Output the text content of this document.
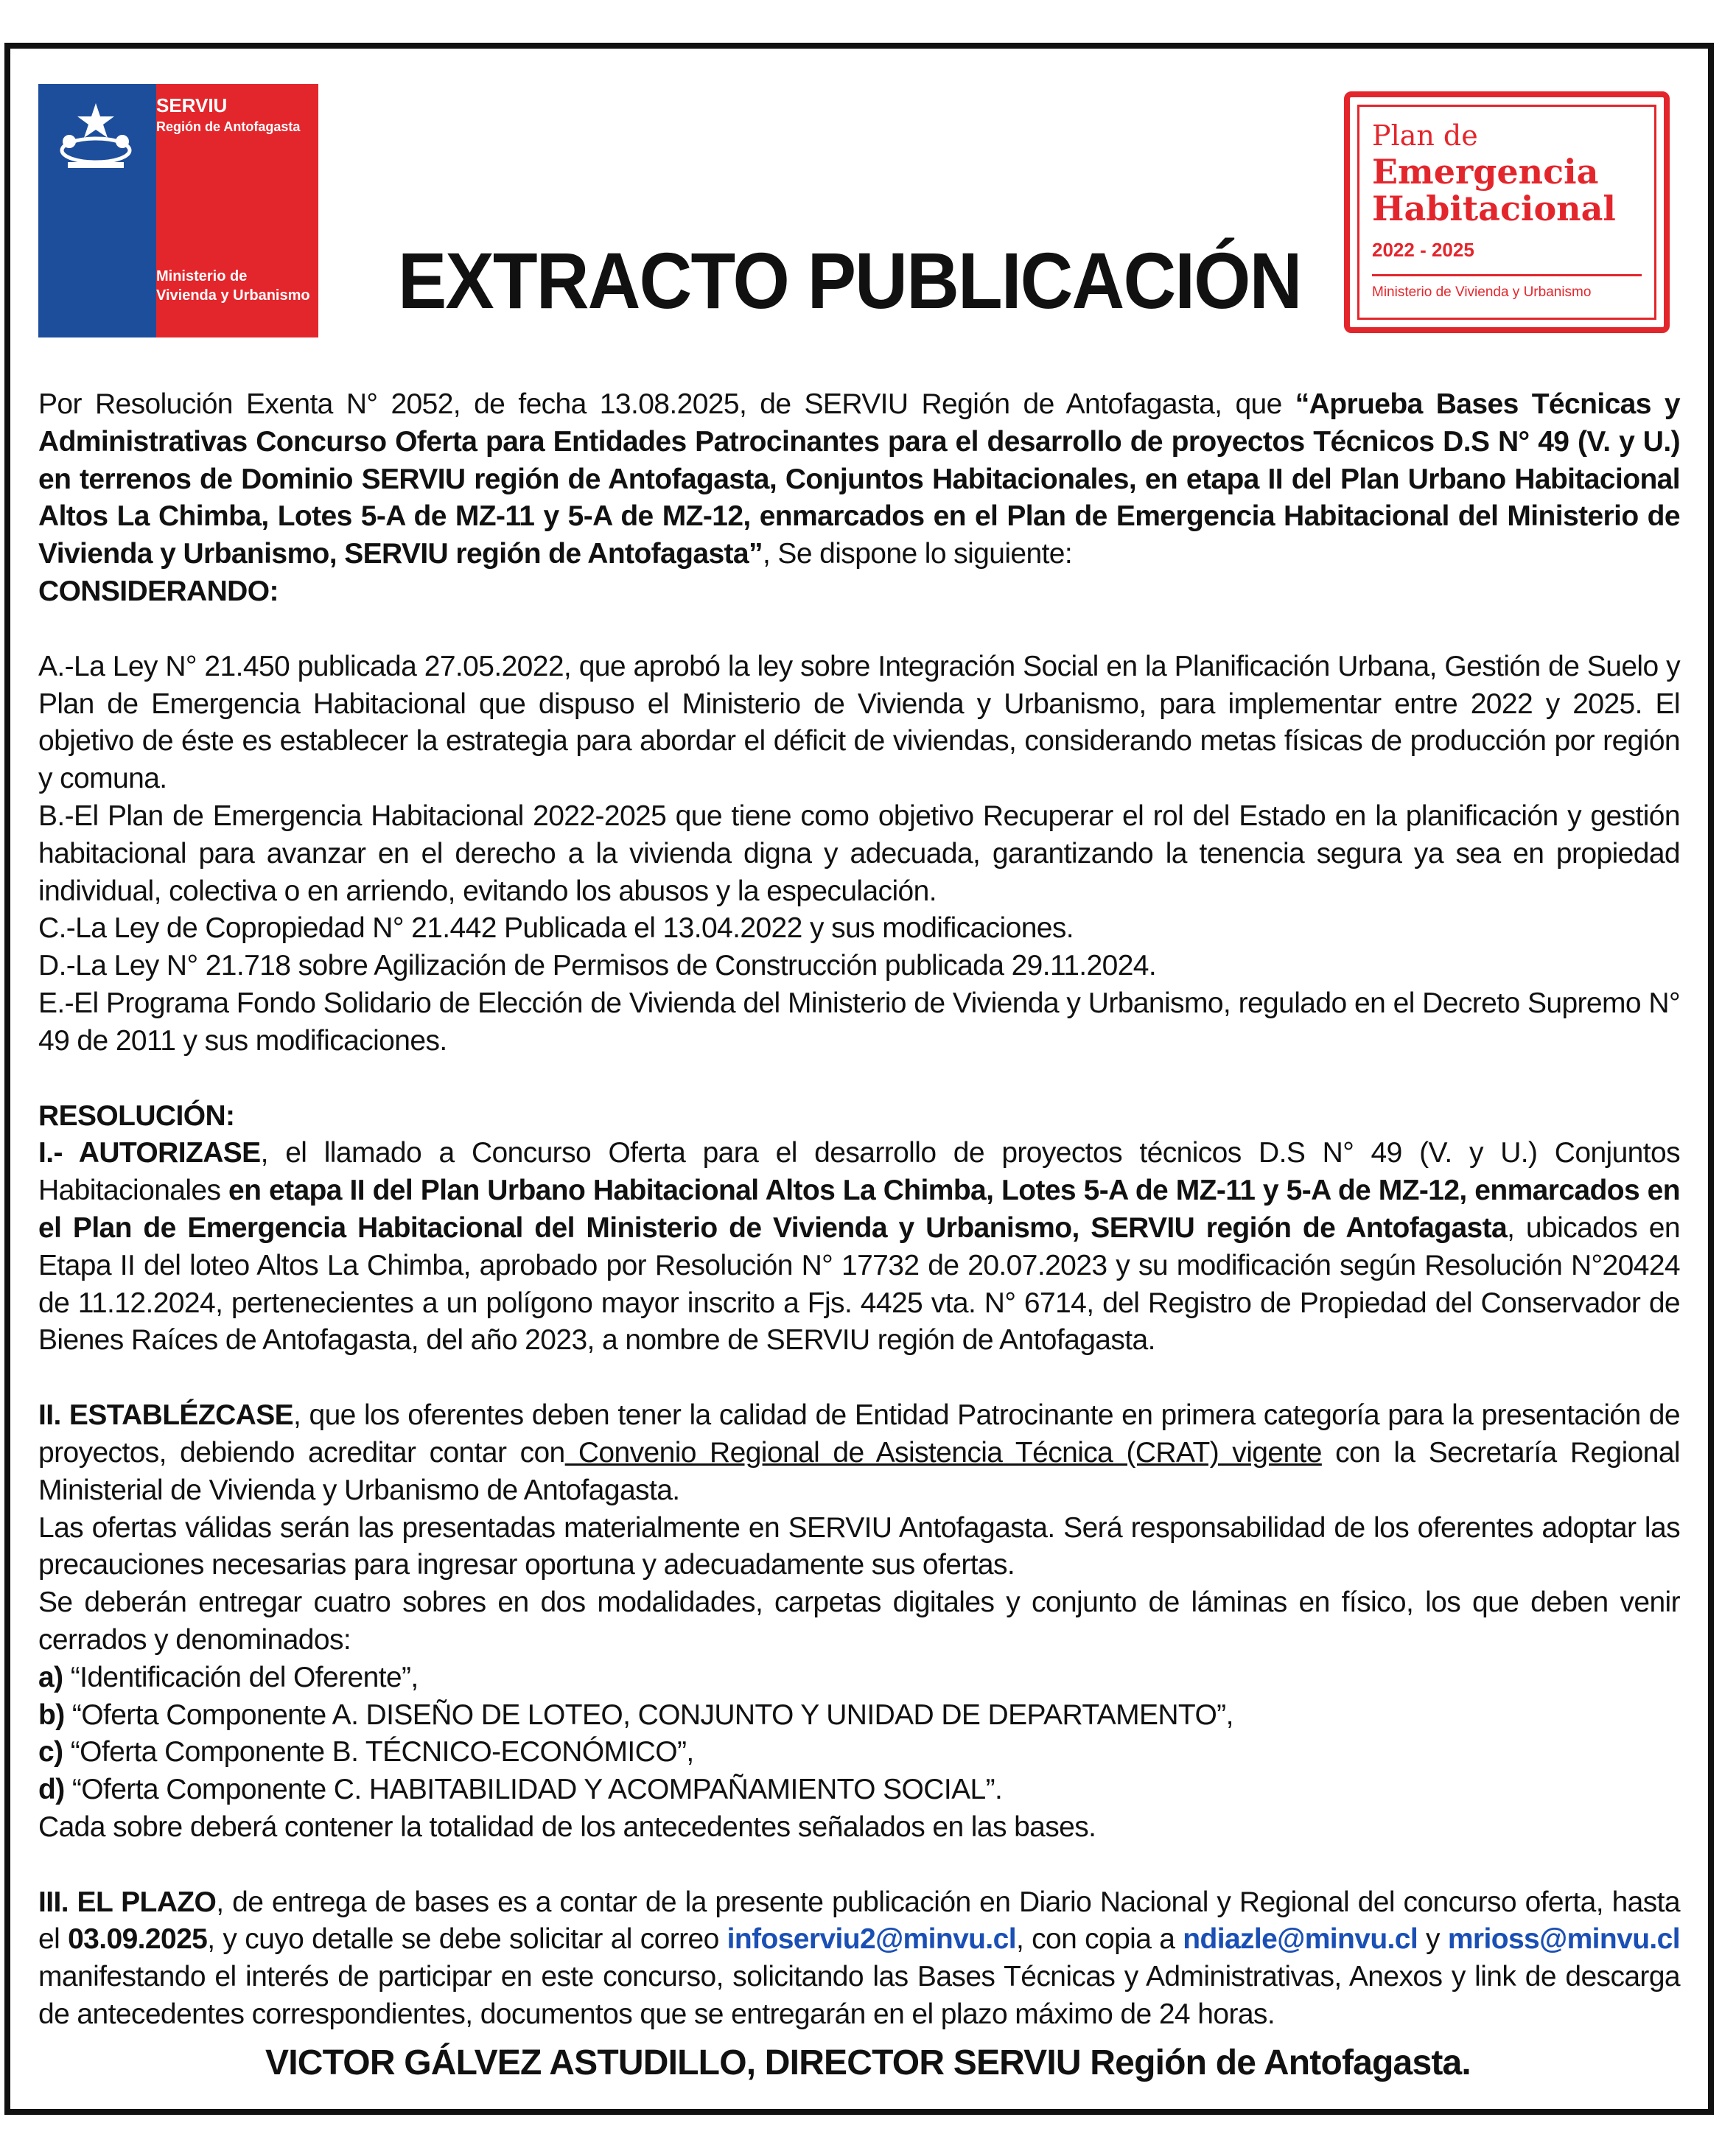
SERVIU
Región de Antofagasta
Ministerio de Vivienda y Urbanismo EXTRACTO PUBLICACIÓN
Plan de
Emergencia
Habitacional
2022 - 2025
Ministerio de Vivienda y Urbanismo

Por Resolución Exenta N° 2052, de fecha 13.08.2025, de SERVIU Región de Antofagasta, que “Aprueba Bases Técnicas y Administrativas Concurso Oferta para Entidades Patrocinantes para el desarrollo de proyectos Técnicos D.S N° 49 (V. y U.) en terrenos de Dominio SERVIU región de Antofagasta, Conjuntos Habitacionales, en etapa II del Plan Urbano Habitacional Altos La Chimba, Lotes 5-A de MZ-11 y 5-A de MZ-12, enmarcados en el Plan de Emergencia Habitacional del Ministerio de Vivienda y Urbanismo, SERVIU región de Antofagasta”, Se dispone lo siguiente:

CONSIDERANDO:

A.-La Ley N° 21.450 publicada 27.05.2022, que aprobó la ley sobre Integración Social en la Planificación Urbana, Gestión de Suelo y Plan de Emergencia Habitacional que dispuso el Ministerio de Vivienda y Urbanismo, para implementar entre 2022 y 2025. El objetivo de éste es establecer la estrategia para abordar el déficit de viviendas, considerando metas físicas de producción por región y comuna.

B.-El Plan de Emergencia Habitacional 2022-2025 que tiene como objetivo Recuperar el rol del Estado en la planificación y gestión habitacional para avanzar en el derecho a la vivienda digna y adecuada, garantizando la tenencia segura ya sea en propiedad individual, colectiva o en arriendo, evitando los abusos y la especulación.

C.-La Ley de Copropiedad N° 21.442 Publicada el 13.04.2022 y sus modificaciones.

D.-La Ley N° 21.718 sobre Agilización de Permisos de Construcción publicada 29.11.2024.

E.-El Programa Fondo Solidario de Elección de Vivienda del Ministerio de Vivienda y Urbanismo, regulado en el Decreto Supremo N° 49 de 2011 y sus modificaciones.

RESOLUCIÓN:

I.- AUTORIZASE, el llamado a Concurso Oferta para el desarrollo de proyectos técnicos D.S N° 49 (V. y U.) Conjuntos Habitacionales en etapa II del Plan Urbano Habitacional Altos La Chimba, Lotes 5-A de MZ-11 y 5-A de MZ-12, enmarcados en el Plan de Emergencia Habitacional del Ministerio de Vivienda y Urbanismo, SERVIU región de Antofagasta, ubicados en Etapa II del loteo Altos La Chimba, aprobado por Resolución N° 17732 de 20.07.2023 y su modificación según Resolución N°20424 de 11.12.2024, pertenecientes a un polígono mayor inscrito a Fjs. 4425 vta. N° 6714, del Registro de Propiedad del Conservador de Bienes Raíces de Antofagasta, del año 2023, a nombre de SERVIU región de Antofagasta.

II. ESTABLÉZCASE, que los oferentes deben tener la calidad de Entidad Patrocinante en primera categoría para la presentación de proyectos, debiendo acreditar contar con Convenio Regional de Asistencia Técnica (CRAT) vigente con la Secretaría Regional Ministerial de Vivienda y Urbanismo de Antofagasta.

Las ofertas válidas serán las presentadas materialmente en SERVIU Antofagasta. Será responsabilidad de los oferentes adoptar las precauciones necesarias para ingresar oportuna y adecuadamente sus ofertas.

Se deberán entregar cuatro sobres en dos modalidades, carpetas digitales y conjunto de láminas en físico, los que deben venir cerrados y denominados:

a) “Identificación del Oferente”,

b) “Oferta Componente A. DISEÑO DE LOTEO, CONJUNTO Y UNIDAD DE DEPARTAMENTO”,

c) “Oferta Componente B. TÉCNICO-ECONÓMICO”,

d) “Oferta Componente C. HABITABILIDAD Y ACOMPAÑAMIENTO SOCIAL”.

Cada sobre deberá contener la totalidad de los antecedentes señalados en las bases.

III. EL PLAZO, de entrega de bases es a contar de la presente publicación en Diario Nacional y Regional del concurso oferta, hasta el 03.09.2025, y cuyo detalle se debe solicitar al correo infoserviu2@minvu.cl, con copia a ndiazle@minvu.cl y mrioss@minvu.cl manifestando el interés de participar en este concurso, solicitando las Bases Técnicas y Administrativas, Anexos y link de descarga de antecedentes correspondientes, documentos que se entregarán en el plazo máximo de 24 horas.

VICTOR GÁLVEZ ASTUDILLO, DIRECTOR SERVIU Región de Antofagasta.
